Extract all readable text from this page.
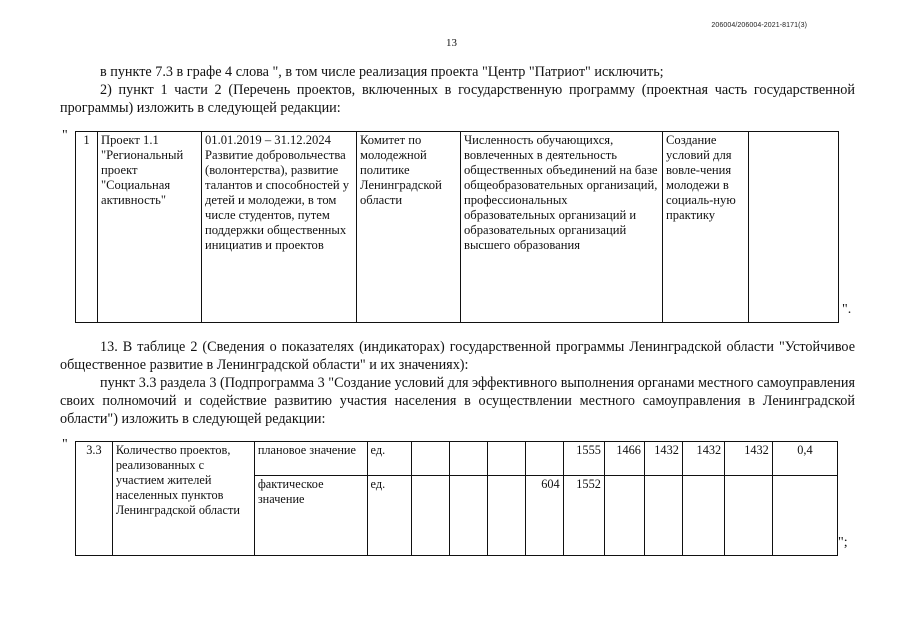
206004/206004-2021-8171(3)
13
в пункте 7.3 в графе 4 слова ", в том числе реализация проекта "Центр "Патриот" исключить;
2) пункт 1 части 2 (Перечень проектов, включенных в государственную программу (проектная часть государственной программы) изложить в следующей редакции:
" 1	Проект 1.1 "Региональный проект "Социальная активность"	01.01.2019 – 31.12.2024 Развитие добровольчества (волонтерства), развитие талантов и способностей у детей и молодежи, в том числе студентов, путем поддержки общественных инициатив и проектов	Комитет по молодежной политике Ленинградской области	Численность обучающихся, вовлеченных в деятельность общественных объединений на базе общеобразовательных организаций, профессиональных образовательных организаций и образовательных организаций высшего образования	Создание условий для вовле-чения молодежи в социаль-ную практику	
".
13. В таблице 2 (Сведения о показателях (индикаторах) государственной программы Ленинградской области "Устойчивое общественное развитие в Ленинградской области" и их значениях):
пункт 3.3 раздела 3 (Подпрограмма 3 "Создание условий для эффективного выполнения органами местного самоуправления своих полномочий и содействие развитию участия населения в осуществлении местного самоуправления в Ленинградской области") изложить в следующей редакции:
" 3.3	Количество проектов, реализованных с участием жителей населенных пунктов Ленинградской области	плановое значение	ед.					1555	1466	1432	1432	1432	0,4
		фактическое значение	ед.				604	1552					
";
